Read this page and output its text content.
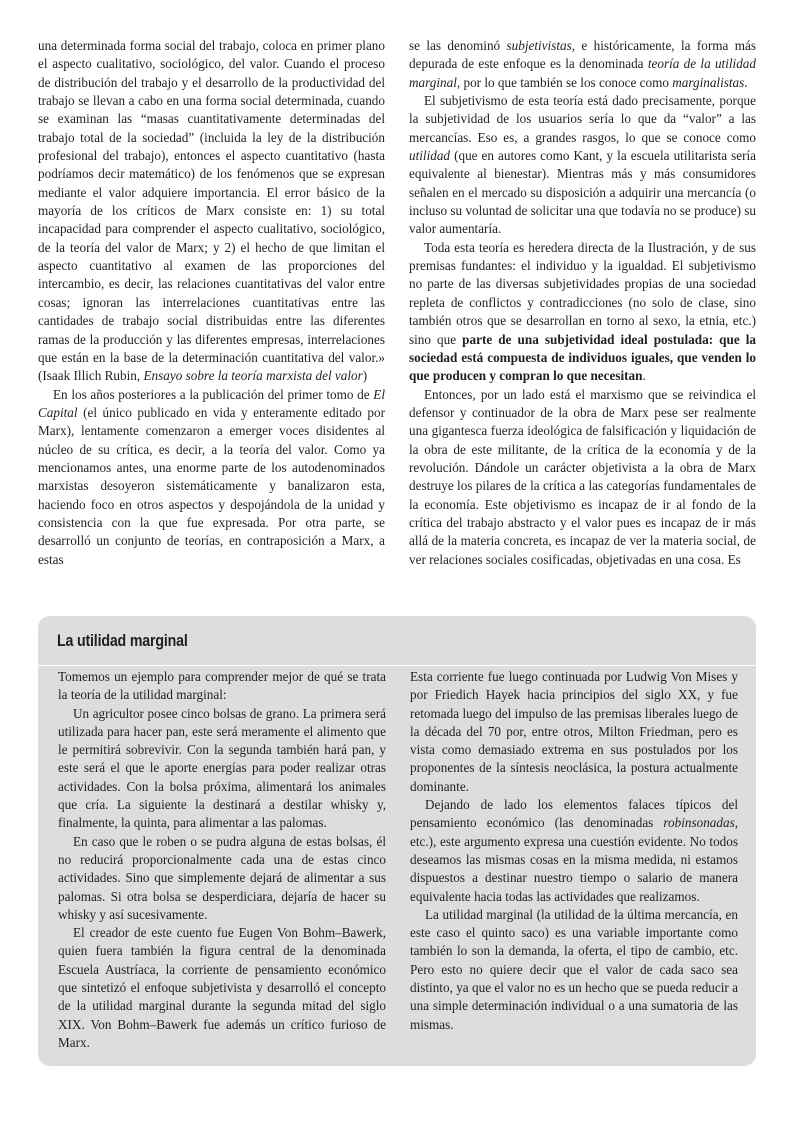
una determinada forma social del trabajo, coloca en primer plano el aspecto cualitativo, sociológico, del valor. Cuando el proceso de distribución del trabajo y el desarrollo de la productividad del trabajo se llevan a cabo en una forma social determinada, cuando se examinan las “masas cuantitativamente determinadas del trabajo total de la sociedad” (incluida la ley de la distribución profesional del trabajo), entonces el aspecto cuantitativo (hasta podríamos decir matemático) de los fenómenos que se expresan mediante el valor adquiere importancia. El error básico de la mayoría de los críticos de Marx consiste en: 1) su total incapacidad para comprender el aspecto cualitativo, sociológico, de la teoría del valor de Marx; y 2) el hecho de que limitan el aspecto cuantitativo al examen de las proporciones del intercambio, es decir, las relaciones cuantitativas del valor entre cosas; ignoran las interrelaciones cuantitativas entre las cantidades de trabajo social distribuidas entre las diferentes ramas de la producción y las diferentes empresas, interrelaciones que están en la base de la determinación cuantitativa del valor.» (Isaak Illich Rubin, Ensayo sobre la teoría marxista del valor)

En los años posteriores a la publicación del primer tomo de El Capital (el único publicado en vida y enteramente editado por Marx), lentamente comenzaron a emerger voces disidentes al núcleo de su crítica, es decir, a la teoría del valor. Como ya mencionamos antes, una enorme parte de los autodenominados marxistas desoyeron sistemáticamente y banalizaron esta, haciendo foco en otros aspectos y despojándola de la unidad y consistencia con la que fue expresada. Por otra parte, se desarrolló un conjunto de teorías, en contraposición a Marx, a estas

se las denominó subjetivistas, e históricamente, la forma más depurada de este enfoque es la denominada teoría de la utilidad marginal, por lo que también se los conoce como marginalistas.

El subjetivismo de esta teoría está dado precisamente, porque la subjetividad de los usuarios sería lo que da “valor” a las mercancías. Eso es, a grandes rasgos, lo que se conoce como utilidad (que en autores como Kant, y la escuela utilitarista sería equivalente al bienestar). Mientras más y más consumidores señalen en el mercado su disposición a adquirir una mercancía (o incluso su voluntad de solicitar una que todavía no se produce) su valor aumentaría.

Toda esta teoría es heredera directa de la Ilustración, y de sus premisas fundantes: el individuo y la igualdad. El subjetivismo no parte de las diversas subjetividades propias de una sociedad repleta de conflictos y contradicciones (no solo de clase, sino también otros que se desarrollan en torno al sexo, la etnia, etc.) sino que parte de una subjetividad ideal postulada: que la sociedad está compuesta de individuos iguales, que venden lo que producen y compran lo que necesitan.

Entonces, por un lado está el marxismo que se reivindica el defensor y continuador de la obra de Marx pese ser realmente una gigantesca fuerza ideológica de falsificación y liquidación de la obra de este militante, de la crítica de la economía y de la revolución. Dándole un carácter objetivista a la obra de Marx destruye los pilares de la crítica a las categorías fundamentales de la economía. Este objetivismo es incapaz de ir al fondo de la crítica del trabajo abstracto y el valor pues es incapaz de ir más allá de la materia concreta, es incapaz de ver la materia social, de ver relaciones sociales cosificadas, objetivadas en una cosa. Es

La utilidad marginal

Tomemos un ejemplo para comprender mejor de qué se trata la teoría de la utilidad marginal:

Un agricultor posee cinco bolsas de grano. La primera será utilizada para hacer pan, este será meramente el alimento que le permitirá sobrevivir. Con la segunda también hará pan, y este será el que le aporte energías para poder realizar otras actividades. Con la bolsa próxima, alimentará los animales que cría. La siguiente la destinará a destilar whisky y, finalmente, la quinta, para alimentar a las palomas.

En caso que le roben o se pudra alguna de estas bolsas, él no reducirá proporcionalmente cada una de estas cinco actividades. Sino que simplemente dejará de alimentar a sus palomas. Si otra bolsa se desperdiciara, dejaría de hacer su whisky y así sucesivamente.

El creador de este cuento fue Eugen Von Bohm–Bawerk, quien fuera también la figura central de la denominada Escuela Austríaca, la corriente de pensamiento económico que sintetizó el enfoque subjetivista y desarrolló el concepto de la utilidad marginal durante la segunda mitad del siglo XIX. Von Bohm–Bawerk fue además un crítico furioso de Marx.

Esta corriente fue luego continuada por Ludwig Von Mises y por Friedich Hayek hacia principios del siglo XX, y fue retomada luego del impulso de las premisas liberales luego de la década del 70 por, entre otros, Milton Friedman, pero es vista como demasiado extrema en sus postulados por los proponentes de la síntesis neoclásica, la postura actualmente dominante.

Dejando de lado los elementos falaces típicos del pensamiento económico (las denominadas robinsonadas, etc.), este argumento expresa una cuestión evidente. No todos deseamos las mismas cosas en la misma medida, ni estamos dispuestos a destinar nuestro tiempo o salario de manera equivalente hacia todas las actividades que realizamos.

La utilidad marginal (la utilidad de la última mercancía, en este caso el quinto saco) es una variable importante como también lo son la demanda, la oferta, el tipo de cambio, etc. Pero esto no quiere decir que el valor de cada saco sea distinto, ya que el valor no es un hecho que se pueda reducir a una simple determinación individual o a una sumatoria de las mismas.
